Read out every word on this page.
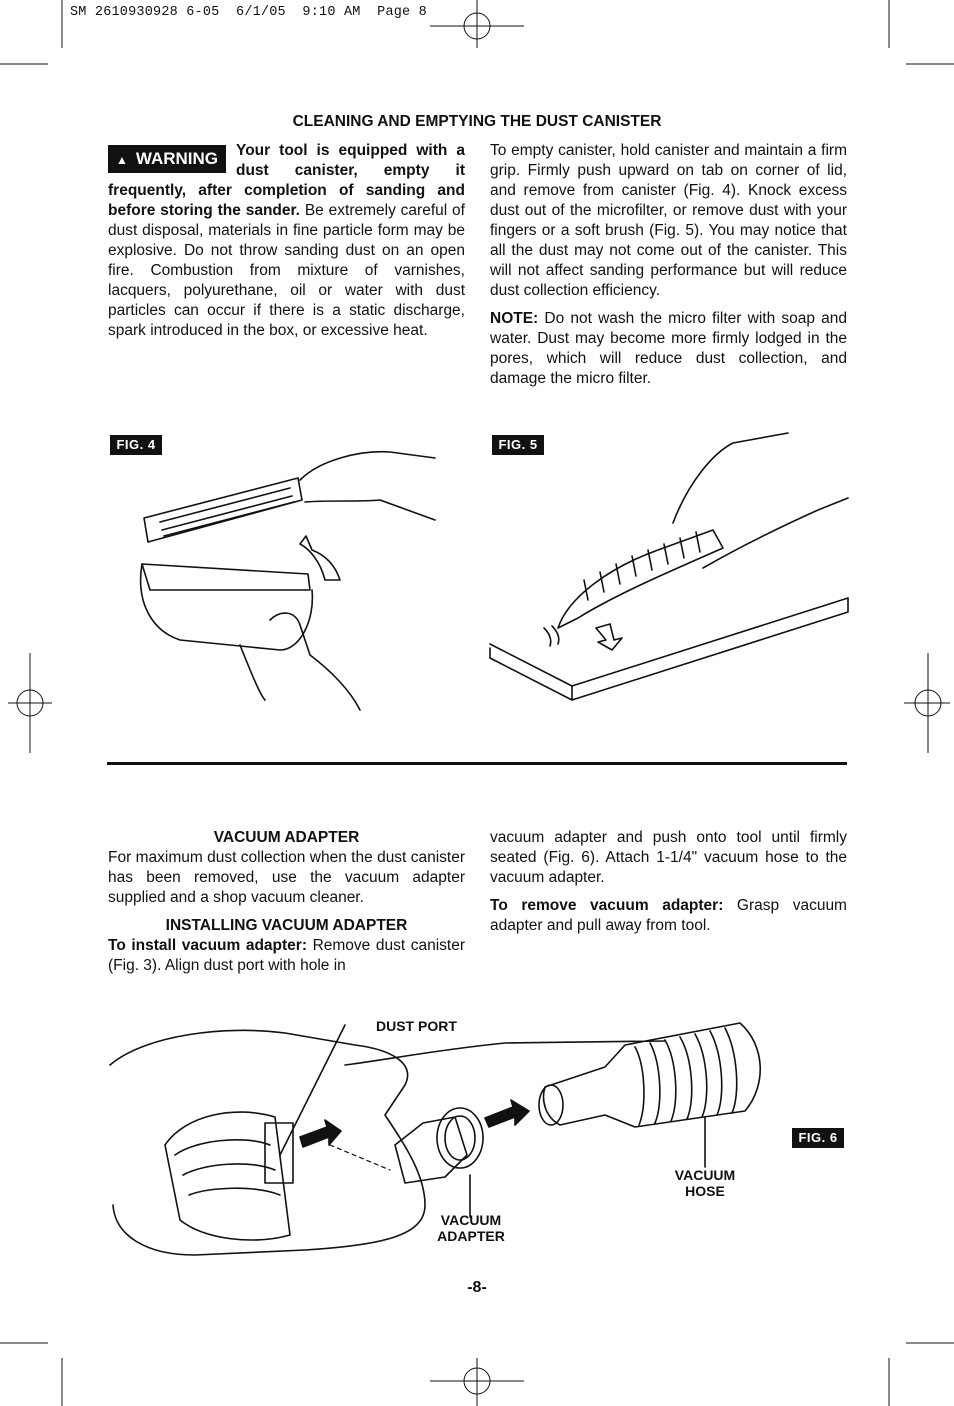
SM 2610930928 6-05  6/1/05  9:10 AM  Page 8
CLEANING AND EMPTYING THE DUST CANISTER
▲ WARNING	Your tool is equipped with a dust canister, empty it frequently, after completion of sanding and before storing the sander. Be extremely careful of dust disposal, materials in fine particle form may be explosive. Do not throw sanding dust on an open fire. Combustion from mixture of varnishes, lacquers, polyurethane, oil or water with dust particles can occur if there is a static discharge, spark introduced in the box, or excessive heat.

To empty canister, hold canister and maintain a firm grip. Firmly push upward on tab on corner of lid, and remove from canister (Fig. 4). Knock excess dust out of the microfilter, or remove dust with your fingers or a soft brush (Fig. 5). You may notice that all the dust may not come out of the canister. This will not affect sanding performance but will reduce dust collection efficiency.

NOTE: Do not wash the micro filter with soap and water. Dust may become more firmly lodged in the pores, which will reduce dust collection, and damage the micro filter.

FIG. 4	FIG. 5
VACUUM ADAPTER

For maximum dust collection when the dust canister has been removed, use the vacuum adapter supplied and a shop vacuum cleaner.

INSTALLING VACUUM ADAPTER

To install vacuum adapter: Remove dust canister (Fig. 3). Align dust port with hole in

vacuum adapter and push onto tool until firmly seated (Fig. 6). Attach 1-1/4" vacuum hose to the vacuum adapter.

To remove vacuum adapter: Grasp vacuum adapter and pull away from tool.

DUST PORT
VACUUM
ADAPTER
VACUUM
HOSE
FIG. 6
-8-
